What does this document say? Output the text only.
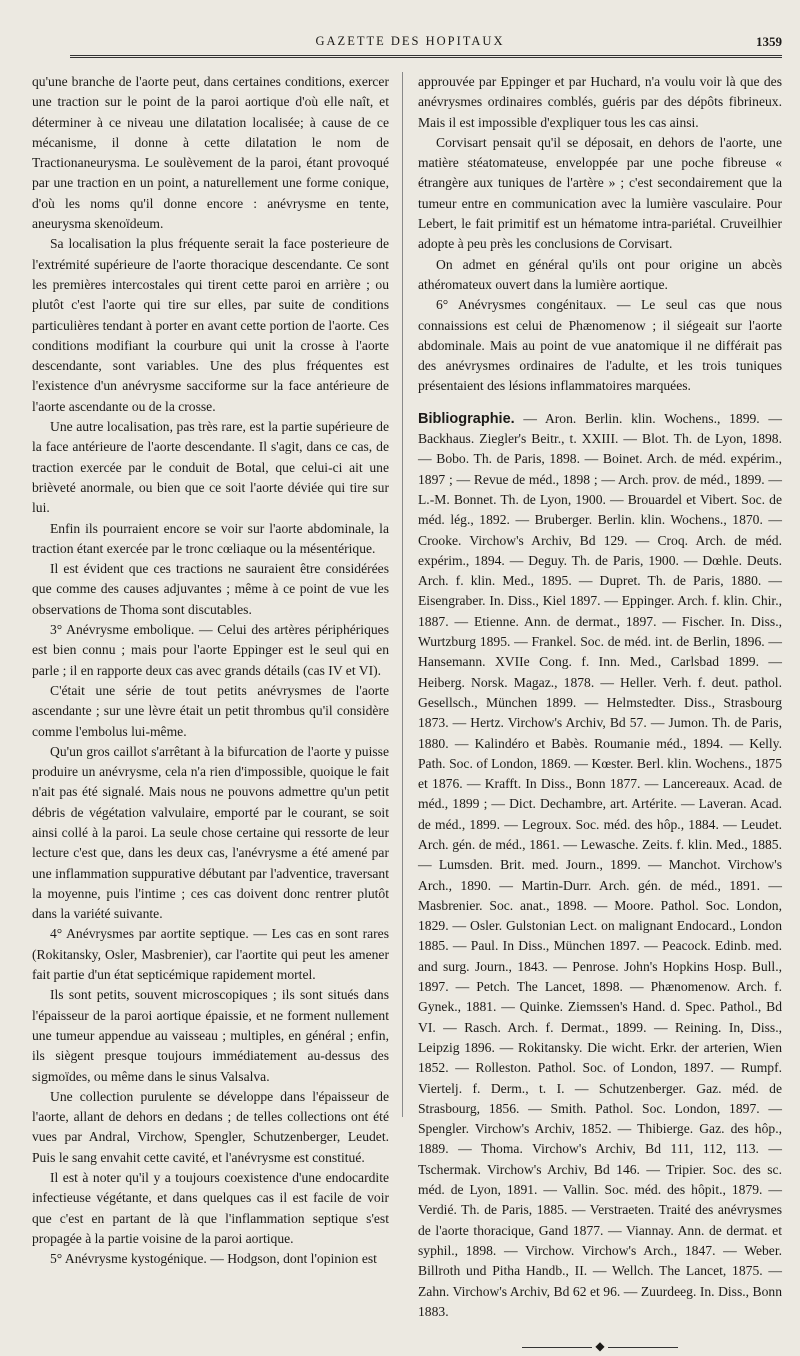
GAZETTE DES HOPITAUX	1359

qu'une branche de l'aorte peut, dans certaines conditions, exercer une traction sur le point de la paroi aortique d'où elle naît, et déterminer à ce niveau une dilatation localisée; à cause de ce mécanisme, il donne à cette dilatation le nom de Tractionaneurysma. Le soulèvement de la paroi, étant provoqué par une traction en un point, a naturellement une forme conique, d'où les noms qu'il donne encore : anévrysme en tente, aneurysma skenoïdeum.

Sa localisation la plus fréquente serait la face posterieure de l'extrémité supérieure de l'aorte thoracique descendante. Ce sont les premières intercostales qui tirent cette paroi en arrière ; ou plutôt c'est l'aorte qui tire sur elles, par suite de conditions particulières tendant à porter en avant cette portion de l'aorte. Ces conditions modifiant la courbure qui unit la crosse à l'aorte descendante, sont variables. Une des plus fréquentes est l'existence d'un anévrysme sacciforme sur la face antérieure de l'aorte ascendante ou de la crosse.

Une autre localisation, pas très rare, est la partie supérieure de la face antérieure de l'aorte descendante. Il s'agit, dans ce cas, de traction exercée par le conduit de Botal, que celui-ci ait une brièveté anormale, ou bien que ce soit l'aorte déviée qui tire sur lui.

Enfin ils pourraient encore se voir sur l'aorte abdominale, la traction étant exercée par le tronc cœliaque ou la mésentérique.

Il est évident que ces tractions ne sauraient être considérées que comme des causes adjuvantes ; même à ce point de vue les observations de Thoma sont discutables.

3° Anévrysme embolique. — Celui des artères périphériques est bien connu ; mais pour l'aorte Eppinger est le seul qui en parle ; il en rapporte deux cas avec grands détails (cas IV et VI).

C'était une série de tout petits anévrysmes de l'aorte ascendante ; sur une lèvre était un petit thrombus qu'il considère comme l'embolus lui-même.

Qu'un gros caillot s'arrêtant à la bifurcation de l'aorte y puisse produire un anévrysme, cela n'a rien d'impossible, quoique le fait n'ait pas été signalé. Mais nous ne pouvons admettre qu'un petit débris de végétation valvulaire, emporté par le courant, se soit ainsi collé à la paroi. La seule chose certaine qui ressorte de leur lecture c'est que, dans les deux cas, l'anévrysme a été amené par une inflammation suppurative débutant par l'adventice, traversant la moyenne, puis l'intime ; ces cas doivent donc rentrer plutôt dans la variété suivante.

4° Anévrysmes par aortite septique. — Les cas en sont rares (Rokitansky, Osler, Masbrenier), car l'aortite qui peut les amener fait partie d'un état septicémique rapidement mortel.

Ils sont petits, souvent microscopiques ; ils sont situés dans l'épaisseur de la paroi aortique épaissie, et ne forment nullement une tumeur appendue au vaisseau ; multiples, en général ; enfin, ils siègent presque toujours immédiatement au-dessus des sigmoïdes, ou même dans le sinus Valsalva.

Une collection purulente se développe dans l'épaisseur de l'aorte, allant de dehors en dedans ; de telles collections ont été vues par Andral, Virchow, Spengler, Schutzenberger, Leudet. Puis le sang envahit cette cavité, et l'anévrysme est constitué.

Il est à noter qu'il y a toujours coexistence d'une endocardite infectieuse végétante, et dans quelques cas il est facile de voir que c'est en partant de là que l'inflammation septique s'est propagée à la partie voisine de la paroi aortique.

5° Anévrysme kystogénique. — Hodgson, dont l'opinion est

approuvée par Eppinger et par Huchard, n'a voulu voir là que des anévrysmes ordinaires comblés, guéris par des dépôts fibrineux. Mais il est impossible d'expliquer tous les cas ainsi.

Corvisart pensait qu'il se déposait, en dehors de l'aorte, une matière stéatomateuse, enveloppée par une poche fibreuse « étrangère aux tuniques de l'artère » ; c'est secondairement que la tumeur entre en communication avec la lumière vasculaire. Pour Lebert, le fait primitif est un hématome intra-pariétal. Cruveilhier adopte à peu près les conclusions de Corvisart.

On admet en général qu'ils ont pour origine un abcès athéromateux ouvert dans la lumière aortique.

6° Anévrysmes congénitaux. — Le seul cas que nous connaissions est celui de Phænomenow ; il siégeait sur l'aorte abdominale. Mais au point de vue anatomique il ne différait pas des anévrysmes ordinaires de l'adulte, et les trois tuniques présentaient des lésions inflammatoires marquées.

Bibliographie. — Aron. Berlin. klin. Wochens., 1899. — Backhaus. Ziegler's Beitr., t. XXIII. — Blot. Th. de Lyon, 1898. — Bobo. Th. de Paris, 1898. — Boinet. Arch. de méd. expérim., 1897 ; — Revue de méd., 1898 ; — Arch. prov. de méd., 1899. — L.-M. Bonnet. Th. de Lyon, 1900. — Brouardel et Vibert. Soc. de méd. lég., 1892. — Bruberger. Berlin. klin. Wochens., 1870. — Crooke. Virchow's Archiv, Bd 129. — Croq. Arch. de méd. expérim., 1894. — Deguy. Th. de Paris, 1900. — Dœhle. Deuts. Arch. f. klin. Med., 1895. — Dupret. Th. de Paris, 1880. — Eisengraber. In. Diss., Kiel 1897. — Eppinger. Arch. f. klin. Chir., 1887. — Etienne. Ann. de dermat., 1897. — Fischer. In. Diss., Wurtzburg 1895. — Frankel. Soc. de méd. int. de Berlin, 1896. — Hansemann. XVIIe Cong. f. Inn. Med., Carlsbad 1899. — Heiberg. Norsk. Magaz., 1878. — Heller. Verh. f. deut. pathol. Gesellsch., München 1899. — Helmstedter. Diss., Strasbourg 1873. — Hertz. Virchow's Archiv, Bd 57. — Jumon. Th. de Paris, 1880. — Kalindéro et Babès. Roumanie méd., 1894. — Kelly. Path. Soc. of London, 1869. — Kœster. Berl. klin. Wochens., 1875 et 1876. — Krafft. In Diss., Bonn 1877. — Lancereaux. Acad. de méd., 1899 ; — Dict. Dechambre, art. Artérite. — Laveran. Acad. de méd., 1899. — Legroux. Soc. méd. des hôp., 1884. — Leudet. Arch. gén. de méd., 1861. — Lewasche. Zeits. f. klin. Med., 1885. — Lumsden. Brit. med. Journ., 1899. — Manchot. Virchow's Arch., 1890. — Martin-Durr. Arch. gén. de méd., 1891. — Masbrenier. Soc. anat., 1898. — Moore. Pathol. Soc. London, 1829. — Osler. Gulstonian Lect. on malignant Endocard., London 1885. — Paul. In Diss., München 1897. — Peacock. Edinb. med. and surg. Journ., 1843. — Penrose. John's Hopkins Hosp. Bull., 1897. — Petch. The Lancet, 1898. — Phænomenow. Arch. f. Gynek., 1881. — Quinke. Ziemssen's Hand. d. Spec. Pathol., Bd VI. — Rasch. Arch. f. Dermat., 1899. — Reining. In, Diss., Leipzig 1896. — Rokitansky. Die wicht. Erkr. der arterien, Wien 1852. — Rolleston. Pathol. Soc. of London, 1897. — Rumpf. Viertelj. f. Derm., t. I. — Schutzenberger. Gaz. méd. de Strasbourg, 1856. — Smith. Pathol. Soc. London, 1897. — Spengler. Virchow's Archiv, 1852. — Thibierge. Gaz. des hôp., 1889. — Thoma. Virchow's Archiv, Bd 111, 112, 113. — Tschermak. Virchow's Archiv, Bd 146. — Tripier. Soc. des sc. méd. de Lyon, 1891. — Vallin. Soc. méd. des hôpit., 1879. — Verdié. Th. de Paris, 1885. — Verstraeten. Traité des anévrysmes de l'aorte thoracique, Gand 1877. — Viannay. Ann. de dermat. et syphil., 1898. — Virchow. Virchow's Arch., 1847. — Weber. Billroth und Pitha Handb., II. — Wellch. The Lancet, 1875. — Zahn. Virchow's Archiv, Bd 62 et 96. — Zuurdeeg. In. Diss., Bonn 1883.

◆
